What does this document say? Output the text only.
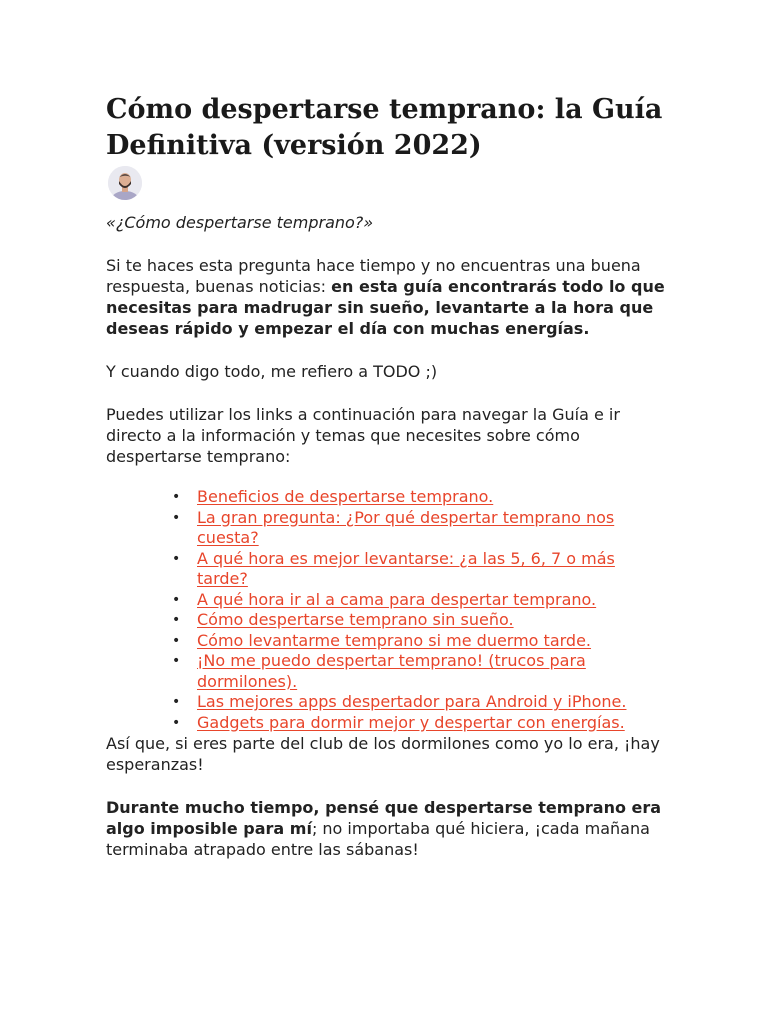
Cómo despertarse temprano: la Guía Definitiva (versión 2022)

«¿Cómo despertarse temprano?»

Si te haces esta pregunta hace tiempo y no encuentras una buena respuesta, buenas noticias: en esta guía encontrarás todo lo que necesitas para madrugar sin sueño, levantarte a la hora que deseas rápido y empezar el día con muchas energías.

Y cuando digo todo, me refiero a TODO ;)

Puedes utilizar los links a continuación para navegar la Guía e ir directo a la información y temas que necesites sobre cómo despertarse temprano:

• Beneficios de despertarse temprano.
• La gran pregunta: ¿Por qué despertar temprano nos cuesta?
• A qué hora es mejor levantarse: ¿a las 5, 6, 7 o más tarde?
• A qué hora ir al a cama para despertar temprano.
• Cómo despertarse temprano sin sueño.
• Cómo levantarme temprano si me duermo tarde.
• ¡No me puedo despertar temprano! (trucos para dormilones).
• Las mejores apps despertador para Android y iPhone.
• Gadgets para dormir mejor y despertar con energías.

Así que, si eres parte del club de los dormilones como yo lo era, ¡hay esperanzas!

Durante mucho tiempo, pensé que despertarse temprano era algo imposible para mí; no importaba qué hiciera, ¡cada mañana terminaba atrapado entre las sábanas!
